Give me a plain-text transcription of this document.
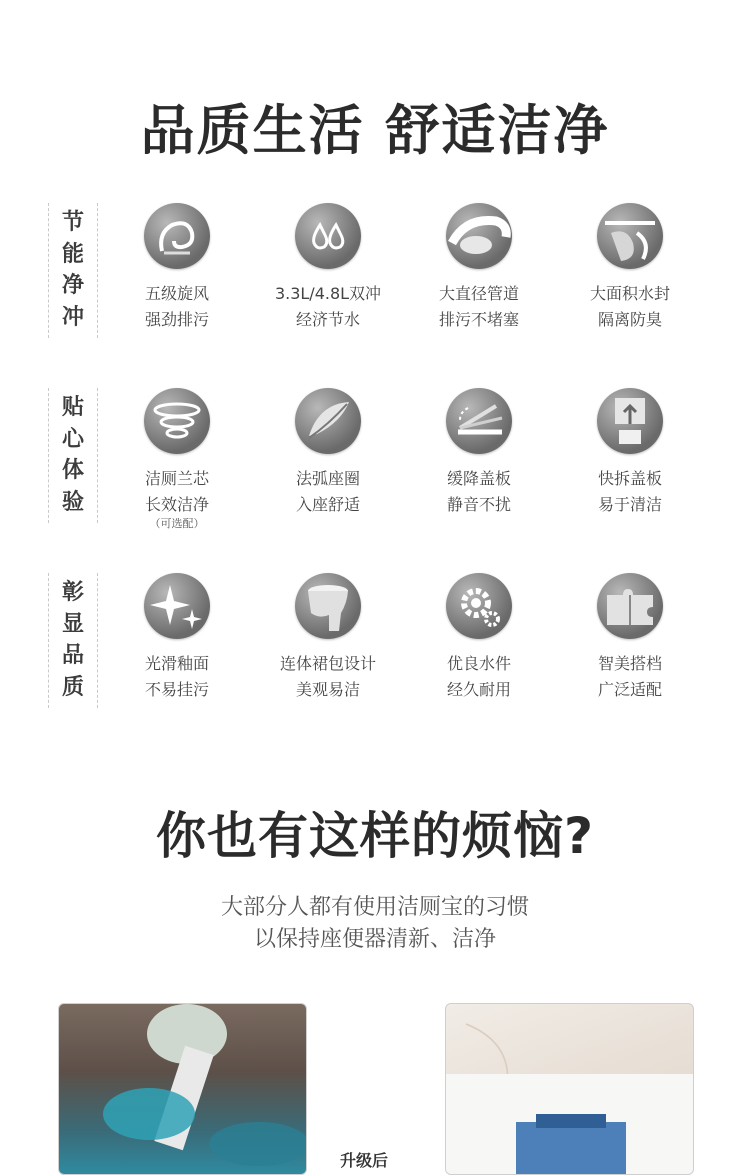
品质生活 舒适洁净
节
能
净
冲
五级旋风
强劲排污
3.3L/4.8L双冲
经济节水
大直径管道
排污不堵塞
大面积水封
隔离防臭
贴
心
体
验
洁厕兰芯
长效洁净
（可选配）
法弧座圈
入座舒适
缓降盖板
静音不扰
快拆盖板
易于清洁
彰
显
品
质
光滑釉面
不易挂污
连体裙包设计
美观易洁
优良水件
经久耐用
智美搭档
广泛适配
你也有这样的烦恼?
大部分人都有使用洁厕宝的习惯
以保持座便器清新、洁净
升级后
